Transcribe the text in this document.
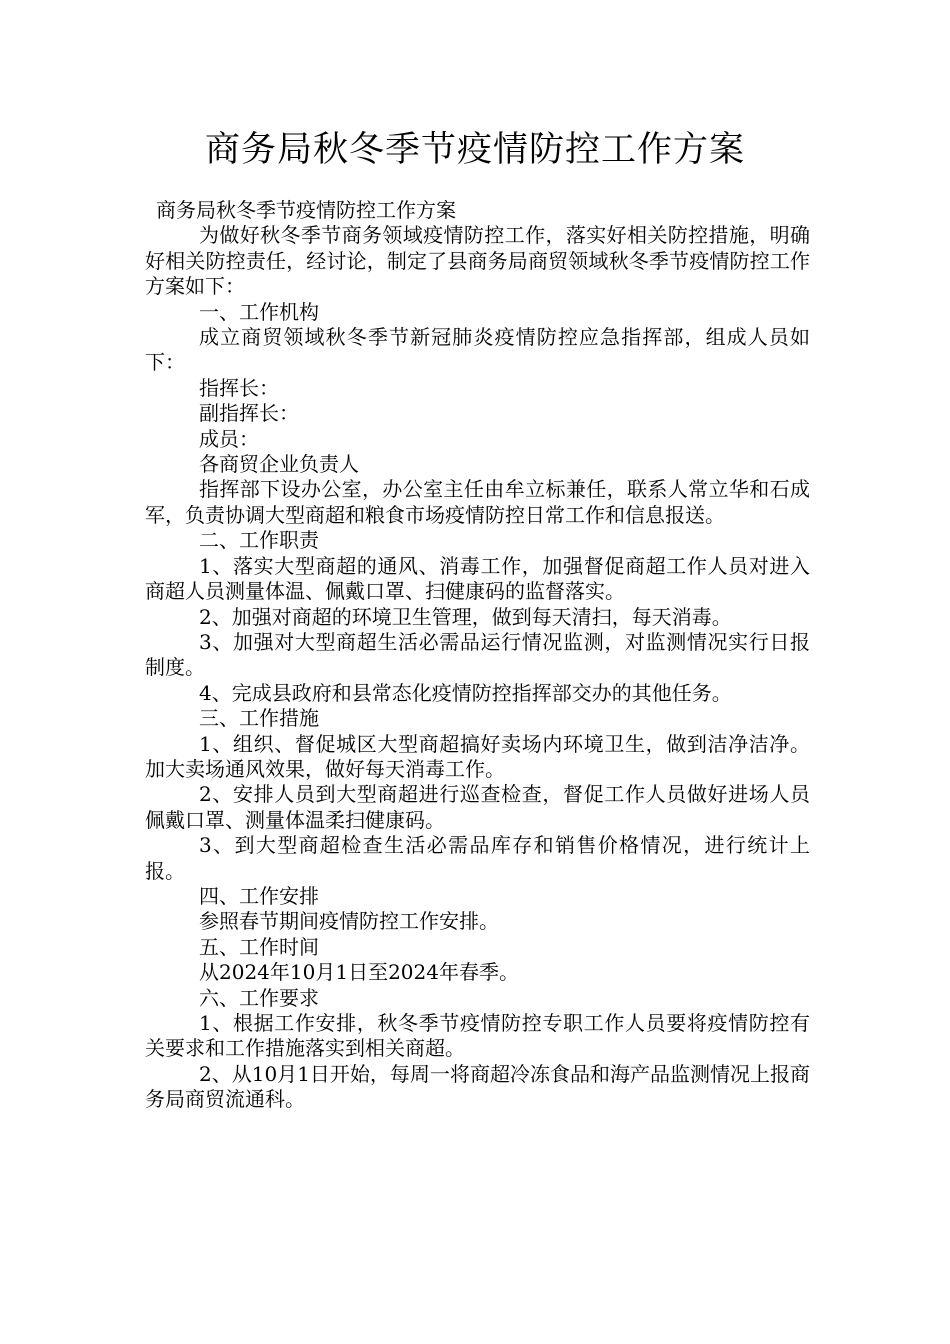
商务局秋冬季节疫情防控工作方案

商务局秋冬季节疫情防控工作方案

为做好秋冬季节商务领域疫情防控工作，落实好相关防控措施，明确好相关防控责任，经讨论，制定了县商务局商贸领域秋冬季节疫情防控工作方案如下：

一、工作机构

成立商贸领域秋冬季节新冠肺炎疫情防控应急指挥部，组成人员如下：

指挥长：

副指挥长：

成员：

各商贸企业负责人

指挥部下设办公室，办公室主任由牟立标兼任，联系人常立华和石成军，负责协调大型商超和粮食市场疫情防控日常工作和信息报送。

二、工作职责

1、落实大型商超的通风、消毒工作，加强督促商超工作人员对进入商超人员测量体温、佩戴口罩、扫健康码的监督落实。

2、加强对商超的环境卫生管理，做到每天清扫，每天消毒。

3、加强对大型商超生活必需品运行情况监测，对监测情况实行日报制度。

4、完成县政府和县常态化疫情防控指挥部交办的其他任务。

三、工作措施

1、组织、督促城区大型商超搞好卖场内环境卫生，做到洁净洁净。加大卖场通风效果，做好每天消毒工作。

2、安排人员到大型商超进行巡查检查，督促工作人员做好进场人员佩戴口罩、测量体温柔扫健康码。

3、到大型商超检查生活必需品库存和销售价格情况，进行统计上报。

四、工作安排

参照春节期间疫情防控工作安排。

五、工作时间

从2024年10月1日至2024年春季。

六、工作要求

1、根据工作安排，秋冬季节疫情防控专职工作人员要将疫情防控有关要求和工作措施落实到相关商超。

2、从10月1日开始，每周一将商超冷冻食品和海产品监测情况上报商务局商贸流通科。
